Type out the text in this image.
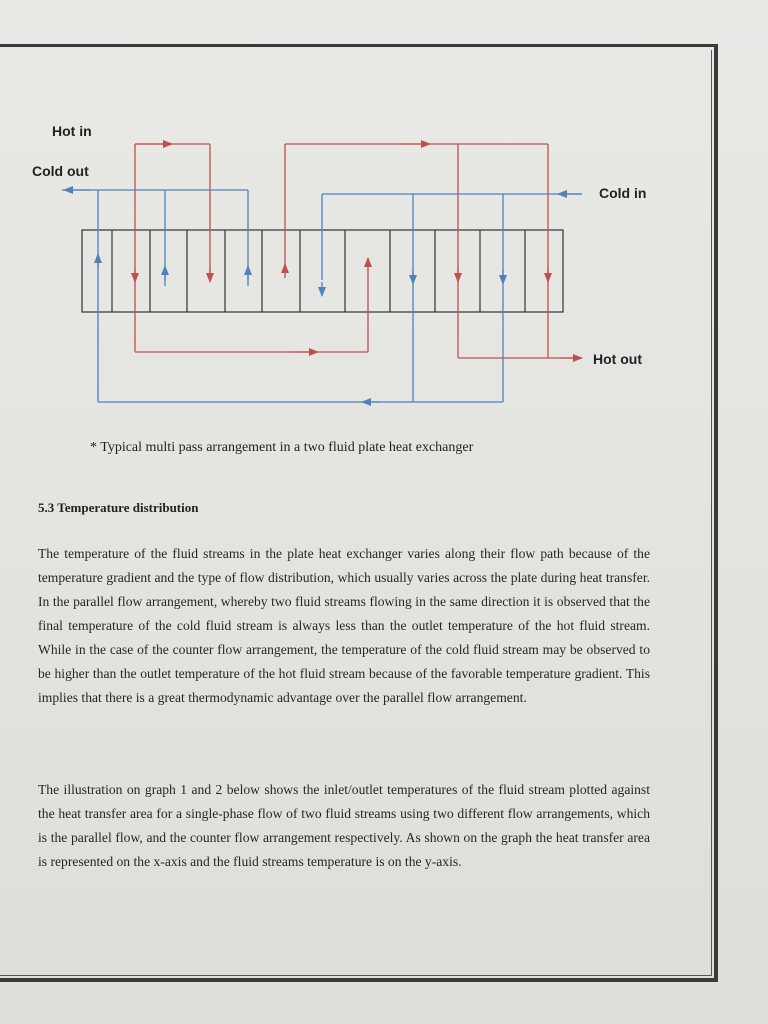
Hot in
Cold out
Cold in
Hot out
* Typical multi pass arrangement in a two fluid plate heat exchanger
5.3 Temperature distribution

The temperature of the fluid streams in the plate heat exchanger varies along their flow path because of the temperature gradient and the type of flow distribution, which usually varies across the plate during heat transfer. In the parallel flow arrangement, whereby two fluid streams flowing in the same direction it is observed that the final temperature of the cold fluid stream is always less than the outlet temperature of the hot fluid stream. While in the case of the counter flow arrangement, the temperature of the cold fluid stream may be observed to be higher than the outlet temperature of the hot fluid stream because of the favorable temperature gradient. This implies that there is a great thermodynamic advantage over the parallel flow arrangement.

The illustration on graph 1 and 2 below shows the inlet/outlet temperatures of the fluid stream plotted against the heat transfer area for a single-phase flow of two fluid streams using two different flow arrangements, which is the parallel flow, and the counter flow arrangement respectively. As shown on the graph the heat transfer area is represented on the x-axis and the fluid streams temperature is on the y-axis.
